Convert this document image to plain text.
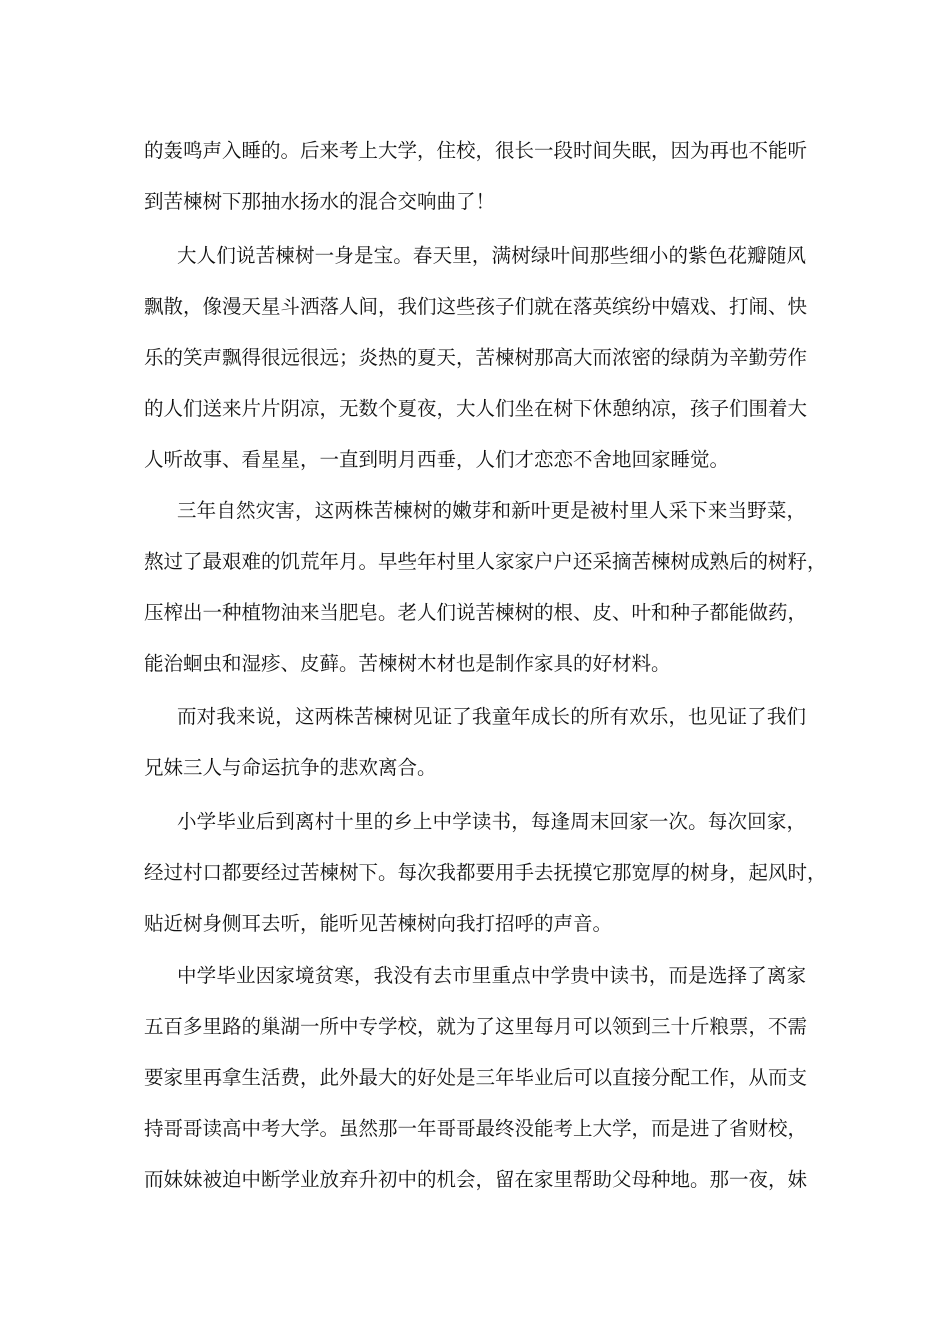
的轰鸣声入睡的。后来考上大学，住校，很长一段时间失眠，因为再也不能听
到苦楝树下那抽水扬水的混合交响曲了！
大人们说苦楝树一身是宝。春天里，满树绿叶间那些细小的紫色花瓣随风
飘散，像漫天星斗洒落人间，我们这些孩子们就在落英缤纷中嬉戏、打闹、快
乐的笑声飘得很远很远；炎热的夏天，苦楝树那高大而浓密的绿荫为辛勤劳作
的人们送来片片阴凉，无数个夏夜，大人们坐在树下休憩纳凉，孩子们围着大
人听故事、看星星，一直到明月西垂，人们才恋恋不舍地回家睡觉。
三年自然灾害，这两株苦楝树的嫩芽和新叶更是被村里人采下来当野菜，
熬过了最艰难的饥荒年月。早些年村里人家家户户还采摘苦楝树成熟后的树籽，
压榨出一种植物油来当肥皂。老人们说苦楝树的根、皮、叶和种子都能做药，
能治蛔虫和湿疹、皮藓。苦楝树木材也是制作家具的好材料。
而对我来说，这两株苦楝树见证了我童年成长的所有欢乐，也见证了我们
兄妹三人与命运抗争的悲欢离合。
小学毕业后到离村十里的乡上中学读书，每逢周末回家一次。每次回家，
经过村口都要经过苦楝树下。每次我都要用手去抚摸它那宽厚的树身，起风时，
贴近树身侧耳去听，能听见苦楝树向我打招呼的声音。
中学毕业因家境贫寒，我没有去市里重点中学贵中读书，而是选择了离家
五百多里路的巢湖一所中专学校，就为了这里每月可以领到三十斤粮票，不需
要家里再拿生活费，此外最大的好处是三年毕业后可以直接分配工作，从而支
持哥哥读高中考大学。虽然那一年哥哥最终没能考上大学，而是进了省财校，
而妹妹被迫中断学业放弃升初中的机会，留在家里帮助父母种地。那一夜，妹
